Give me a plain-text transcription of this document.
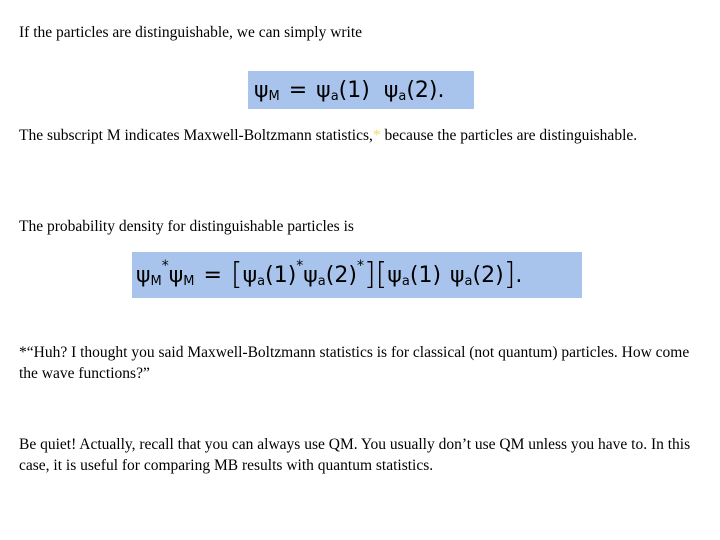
If the particles are distinguishable, we can simply write

ψ M = ψ a (1) ψ a (2) .

The subscript M indicates Maxwell-Boltzmann statistics,* because the particles are distinguishable.

The probability density for distinguishable particles is

ψ M
* ψ M = [ ψ a (1) * ψ a (2) * ] [ ψ a (1) ψ a (2) ] .

*“Huh? I thought you said Maxwell-Boltzmann statistics is for classical (not quantum) particles. How come the wave functions?”

Be quiet! Actually, recall that you can always use QM. You usually don’t use QM unless you have to. In this case, it is useful for comparing MB results with quantum statistics.
